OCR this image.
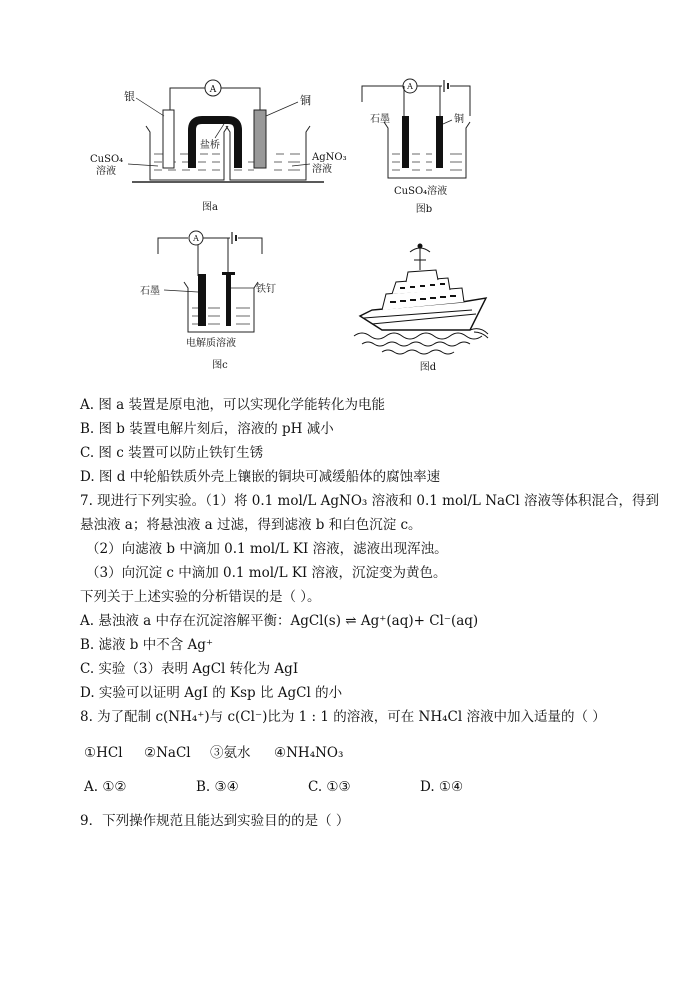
A
银	铜
盐桥
CuSO₄
溶液
AgNO₃
溶液
图a
A
石墨	铜
CuSO₄溶液
图b
A
石墨	铁钉
电解质溶液
图c	图d
A. 图 a 装置是原电池，可以实现化学能转化为电能
B. 图 b 装置电解片刻后，溶液的 pH 减小
C. 图 c 装置可以防止铁钉生锈
D. 图 d 中轮船铁质外壳上镶嵌的铜块可减缓船体的腐蚀率速
7. 现进行下列实验。（1）将 0.1 mol/L AgNO₃ 溶液和 0.1 mol/L NaCl 溶液等体积混合，得到
悬浊液 a；将悬浊液 a 过滤，得到滤液 b 和白色沉淀 c。
（2）向滤液 b 中滴加 0.1 mol/L KI 溶液，滤液出现浑浊。
（3）向沉淀 c 中滴加 0.1 mol/L KI 溶液，沉淀变为黄色。
下列关于上述实验的分析错误的是（ ）。
A. 悬浊液 a 中存在沉淀溶解平衡：AgCl(s) ⇌ Ag⁺(aq)+ Cl⁻(aq)
B. 滤液 b 中不含 Ag⁺
C. 实验（3）表明 AgCl 转化为 AgI
D. 实验可以证明 AgI 的 Ksp 比 AgCl 的小
8. 为了配制 c(NH₄⁺)与 c(Cl⁻)比为 1 : 1 的溶液，可在 NH₄Cl 溶液中加入适量的（ ）
①HCl ②NaCl ③氨水 ④NH₄NO₃
A. ①②	B. ③④	C. ①③	D. ①④
9．下列操作规范且能达到实验目的的是（ ）
